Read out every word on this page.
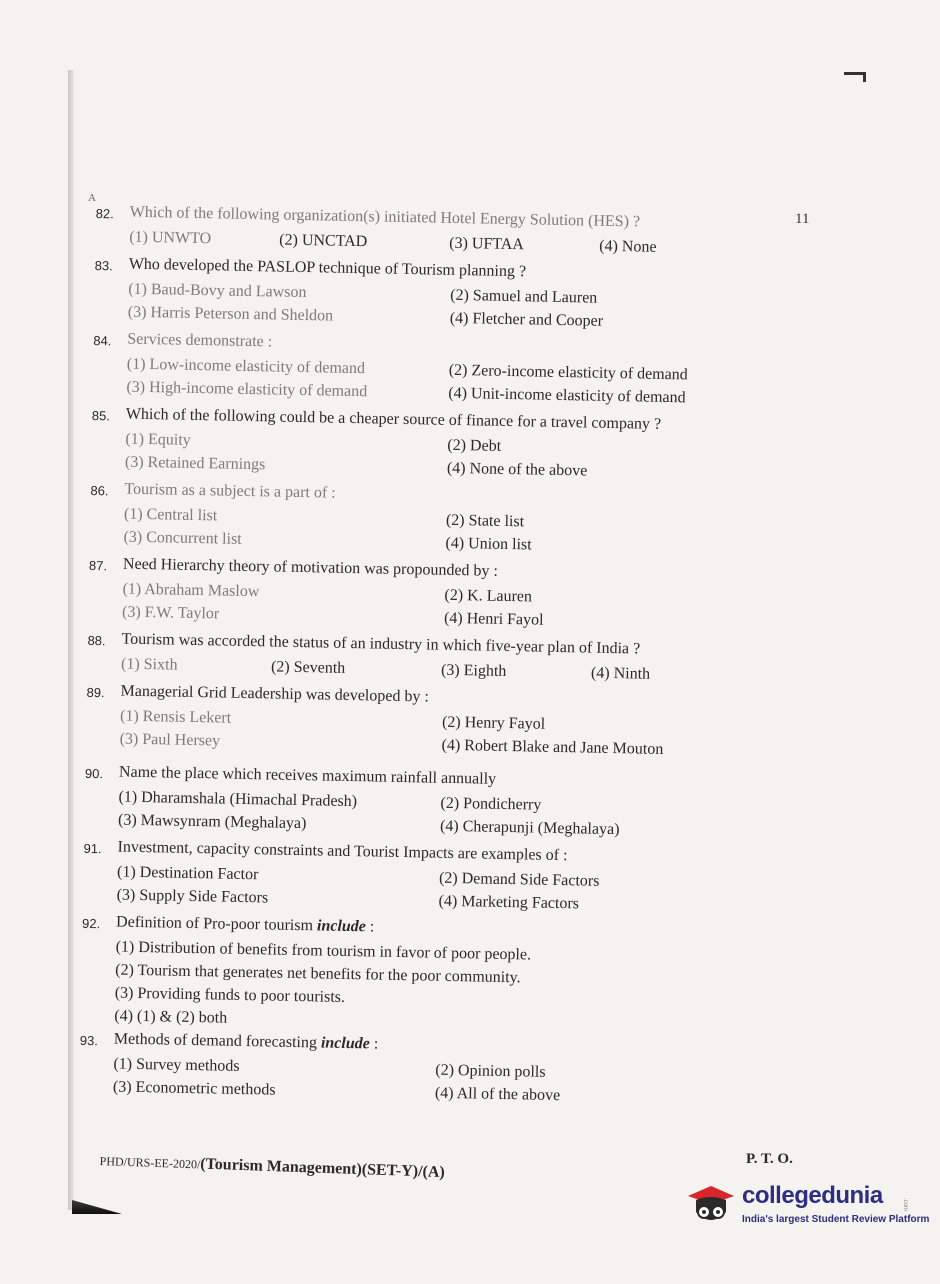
A
11
82. Which of the following organization(s) initiated Hotel Energy Solution (HES) ?
(1) UNWTO	(2) UNCTAD	(3) UFTAA	(4) None
83. Who developed the PASLOP technique of Tourism planning ?
(1) Baud-Bovy and Lawson	(2) Samuel and Lauren
(3) Harris Peterson and Sheldon	(4) Fletcher and Cooper
84. Services demonstrate :
(1) Low-income elasticity of demand	(2) Zero-income elasticity of demand
(3) High-income elasticity of demand	(4) Unit-income elasticity of demand
85. Which of the following could be a cheaper source of finance for a travel company ?
(1) Equity	(2) Debt
(3) Retained Earnings	(4) None of the above
86. Tourism as a subject is a part of :
(1) Central list	(2) State list
(3) Concurrent list	(4) Union list
87. Need Hierarchy theory of motivation was propounded by :
(1) Abraham Maslow	(2) K. Lauren
(3) F.W. Taylor	(4) Henri Fayol
88. Tourism was accorded the status of an industry in which five-year plan of India ?
(1) Sixth	(2) Seventh	(3) Eighth	(4) Ninth
89. Managerial Grid Leadership was developed by :
(1) Rensis Lekert	(2) Henry Fayol
(3) Paul Hersey	(4) Robert Blake and Jane Mouton
90. Name the place which receives maximum rainfall annually
(1) Dharamshala (Himachal Pradesh)	(2) Pondicherry
(3) Mawsynram (Meghalaya)	(4) Cherapunji (Meghalaya)
91. Investment, capacity constraints and Tourist Impacts are examples of :
(1) Destination Factor	(2) Demand Side Factors
(3) Supply Side Factors	(4) Marketing Factors
92. Definition of Pro-poor tourism include :
(1) Distribution of benefits from tourism in favor of poor people.
(2) Tourism that generates net benefits for the poor community.
(3) Providing funds to poor tourists.
(4) (1) & (2) both
93. Methods of demand forecasting include :
(1) Survey methods	(2) Opinion polls
(3) Econometric methods	(4) All of the above
PHD/URS-EE-2020/(Tourism Management)(SET-Y)/(A)	P. T. O.
collegedunia
India's largest Student Review Platform
.com
